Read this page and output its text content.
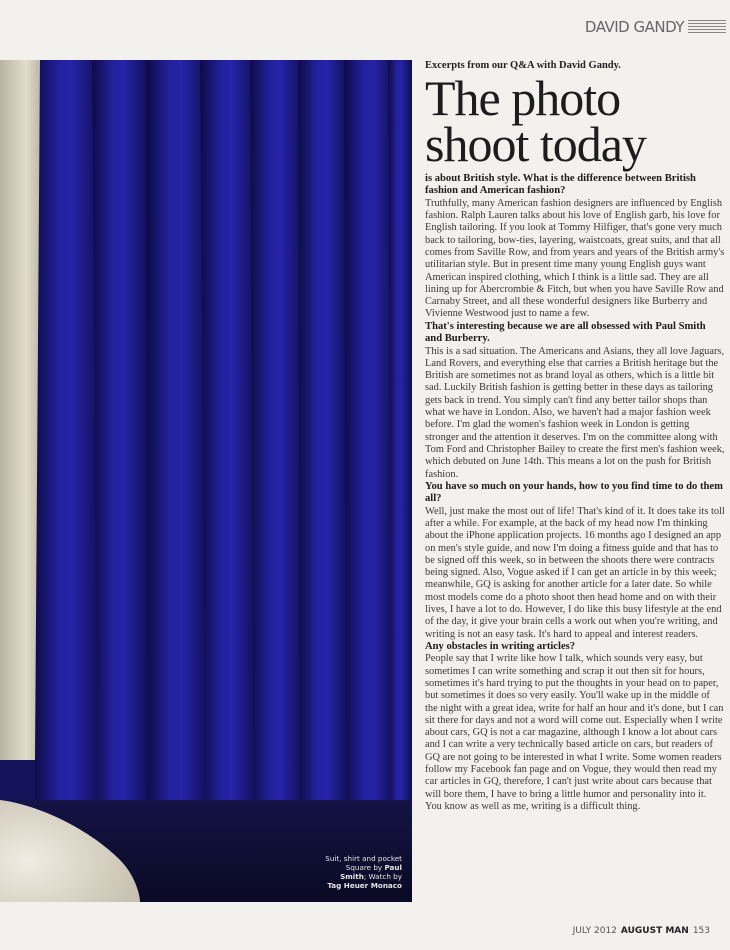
DAVID GANDY
Suit, shirt and pocket
Square by Paul
Smith; Watch by
Tag Heuer Monaco

Excerpts from our Q&A with David Gandy.

The photo
shoot today

is about British style. What is the difference between British fashion and American fashion?

Truthfully, many American fashion designers are influenced by English fashion. Ralph Lauren talks about his love of English garb, his love for English tailoring. If you look at Tommy Hilfiger, that's gone very much back to tailoring, bow-ties, layering, waistcoats, great suits, and that all comes from Saville Row, and from years and years of the British army's utilitarian style. But in present time many young English guys want American inspired clothing, which I think is a little sad. They are all lining up for Abercrombie & Fitch, but when you have Saville Row and Carnaby Street, and all these wonderful designers like Burberry and Vivienne Westwood just to name a few.

That's interesting because we are all obsessed with Paul Smith and Burberry.

This is a sad situation. The Americans and Asians, they all love Jaguars, Land Rovers, and everything else that carries a British heritage but the British are sometimes not as brand loyal as others, which is a little bit sad. Luckily British fashion is getting better in these days as tailoring gets back in trend. You simply can't find any better tailor shops than what we have in London. Also, we haven't had a major fashion week before. I'm glad the women's fashion week in London is getting stronger and the attention it deserves. I'm on the committee along with Tom Ford and Christopher Bailey to create the first men's fashion week, which debuted on June 14th. This means a lot on the push for British fashion.

You have so much on your hands, how to you find time to do them all?

Well, just make the most out of life! That's kind of it. It does take its toll after a while. For example, at the back of my head now I'm thinking about the iPhone application projects. 16 months ago I designed an app on men's style guide, and now I'm doing a fitness guide and that has to be signed off this week, so in between the shoots there were contracts being signed. Also, Vogue asked if I can get an article in by this week; meanwhile, GQ is asking for another article for a later date. So while most models come do a photo shoot then head home and on with their lives, I have a lot to do. However, I do like this busy lifestyle at the end of the day, it give your brain cells a work out when you're writing, and writing is not an easy task. It's hard to appeal and interest readers.

Any obstacles in writing articles?

People say that I write like how I talk, which sounds very easy, but sometimes I can write something and scrap it out then sit for hours, sometimes it's hard trying to put the thoughts in your head on to paper, but sometimes it does so very easily. You'll wake up in the middle of the night with a great idea, write for half an hour and it's done, but I can sit there for days and not a word will come out. Especially when I write about cars, GQ is not a car magazine, although I know a lot about cars and I can write a very technically based article on cars, but readers of GQ are not going to be interested in what I write. Some women readers follow my Facebook fan page and on Vogue, they would then read my car articles in GQ, therefore, I can't just write about cars because that will bore them, I have to bring a little humor and personality into it. You know as well as me, writing is a difficult thing.

JULY 2012 AUGUST MAN 153
